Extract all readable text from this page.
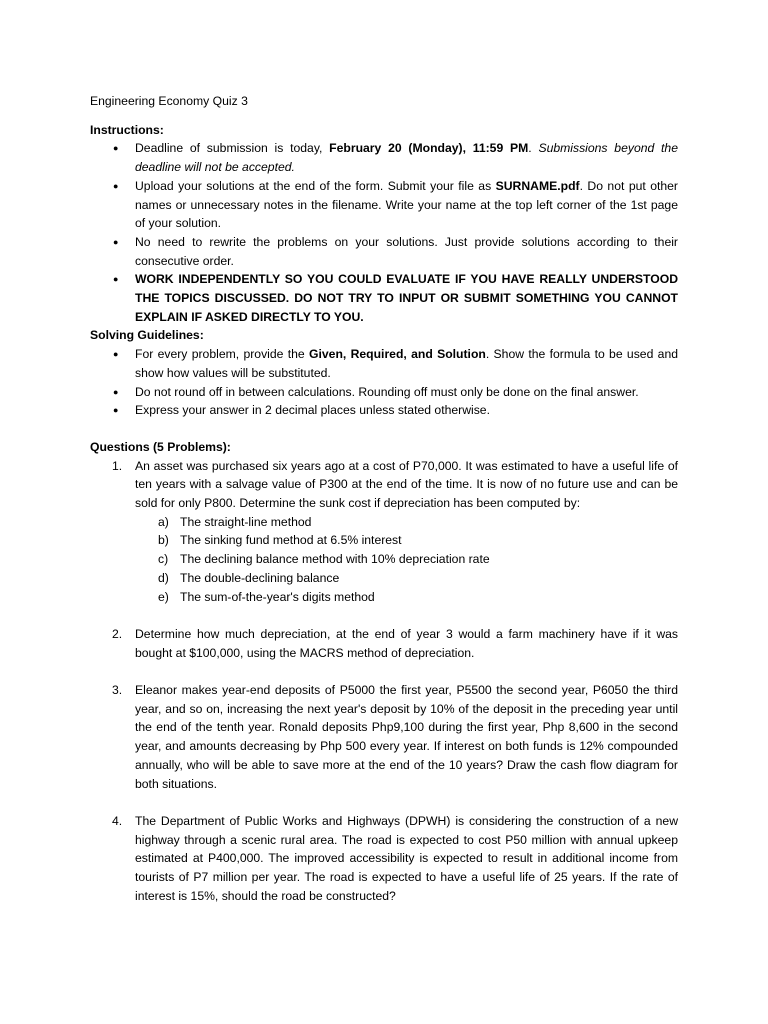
Engineering Economy Quiz 3

Instructions:

● Deadline of submission is today, February 20 (Monday), 11:59 PM. Submissions beyond the deadline will not be accepted.
● Upload your solutions at the end of the form. Submit your file as SURNAME.pdf. Do not put other names or unnecessary notes in the filename. Write your name at the top left corner of the 1st page of your solution.
● No need to rewrite the problems on your solutions. Just provide solutions according to their consecutive order.
● WORK INDEPENDENTLY SO YOU COULD EVALUATE IF YOU HAVE REALLY UNDERSTOOD THE TOPICS DISCUSSED. DO NOT TRY TO INPUT OR SUBMIT SOMETHING YOU CANNOT EXPLAIN IF ASKED DIRECTLY TO YOU.

Solving Guidelines:

● For every problem, provide the Given, Required, and Solution. Show the formula to be used and show how values will be substituted.
● Do not round off in between calculations. Rounding off must only be done on the final answer.
● Express your answer in 2 decimal places unless stated otherwise.

Questions (5 Problems):

1. An asset was purchased six years ago at a cost of P70,000. It was estimated to have a useful life of ten years with a salvage value of P300 at the end of the time. It is now of no future use and can be sold for only P800. Determine the sunk cost if depreciation has been computed by:
a) The straight-line method
b) The sinking fund method at 6.5% interest
c) The declining balance method with 10% depreciation rate
d) The double-declining balance
e) The sum-of-the-year's digits method
2. Determine how much depreciation, at the end of year 3 would a farm machinery have if it was bought at $100,000, using the MACRS method of depreciation.
3. Eleanor makes year-end deposits of P5000 the first year, P5500 the second year, P6050 the third year, and so on, increasing the next year's deposit by 10% of the deposit in the preceding year until the end of the tenth year. Ronald deposits Php9,100 during the first year, Php 8,600 in the second year, and amounts decreasing by Php 500 every year. If interest on both funds is 12% compounded annually, who will be able to save more at the end of the 10 years? Draw the cash flow diagram for both situations.
4. The Department of Public Works and Highways (DPWH) is considering the construction of a new highway through a scenic rural area. The road is expected to cost P50 million with annual upkeep estimated at P400,000. The improved accessibility is expected to result in additional income from tourists of P7 million per year. The road is expected to have a useful life of 25 years. If the rate of interest is 15%, should the road be constructed?
